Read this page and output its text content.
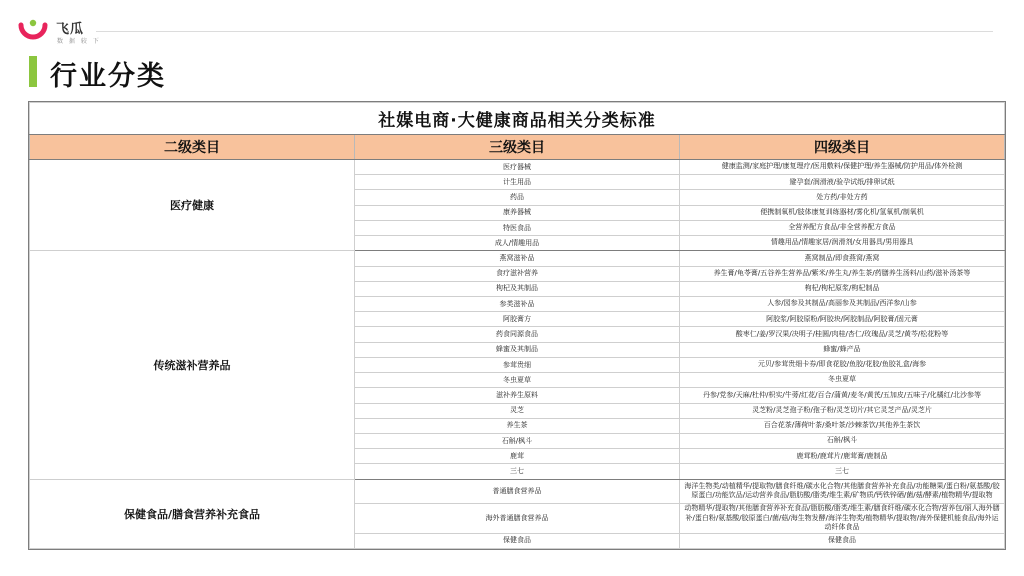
飞瓜
数 据 较 下
行业分类
社媒电商·大健康商品相关分类标准		
二级类目	三级类目	四级类目
医疗健康	医疗器械	健康监测/家庭护理/康复理疗/医用敷料/保健护理/养生器械/防护用品/体外检测
	计生用品	避孕套/润滑液/验孕试纸/排卵试纸
	药品	处方药/非处方药
	康养器械	便携制氧机/肢体康复训练器材/雾化机/氢氧机/制氧机
	特医食品	全营养配方食品/非全营养配方食品
	成人/情趣用品	情趣用品/情趣家居/润滑剂/女用器具/男用器具
传统滋补营养品	燕窝滋补品	燕窝制品/即食燕窝/燕窝
	食疗滋补营养	养生膏/龟苓膏/五谷养生营养品/紫米/养生丸/养生茶/药膳养生汤料/山药/滋补汤茶等
	枸杞及其制品	枸杞/枸杞原浆/枸杞制品
	参类滋补品	人参/园参及其制品/高丽参及其制品/西洋参/山参
	阿胶膏方	阿胶浆/阿胶原粉/阿胶块/阿胶制品/阿胶膏/固元膏
	药食同源食品	酸枣仁/姜/罗汉果/决明子/桂圆/肉桂/杏仁/玫瑰品/灵芝/黄芩/松花粉等
	蜂蜜及其制品	蜂蜜/蜂产品
	参茸贵细	元贝/参茸贵细卡券/即食花胶/鱼胶/花胶/鱼胶礼盒/海参
	冬虫夏草	冬虫夏草
	滋补养生原料	丹参/党参/天麻/杜仲/枳实/牛蒡/红花/百合/蒲黄/麦冬/黄芪/五加皮/五味子/化橘红/北沙参等
	灵芝	灵芝粉/灵芝孢子粉/孢子粉/灵芝切片/其它灵芝产品/灵芝片
	养生茶	百合花茶/薄荷叶茶/桑叶茶/沙棘茶饮/其他养生茶饮
	石斛/枫斗	石斛/枫斗
	鹿茸	鹿茸粉/鹿茸片/鹿茸膏/鹿制品
	三七	三七
保健食品/膳食营养补充食品	普通膳食营养品	海洋生物类/动植精华/提取物/膳食纤维/碳水化合物/其他膳食营养补充食品/功能糖果/蛋白粉/氨基酸/胶原蛋白/功能饮品/运动营养食品/脂肪酸/脂类/维生素/矿物质/钙铁锌硒/菌/菇/酵素/植物精华/提取物
	海外普通膳食营养品	动物精华/提取物/其他膳食营养补充食品/脂肪酸/脂类/维生素/膳食纤维/碳水化合物/营养包/丽人海外膳补/蛋白粉/氨基酸/胶原蛋白/菌/菇/海生物发酵/海洋生物类/植物精华/提取物/海外保健机能食品/海外运动纤体食品
	保健食品	保健食品
